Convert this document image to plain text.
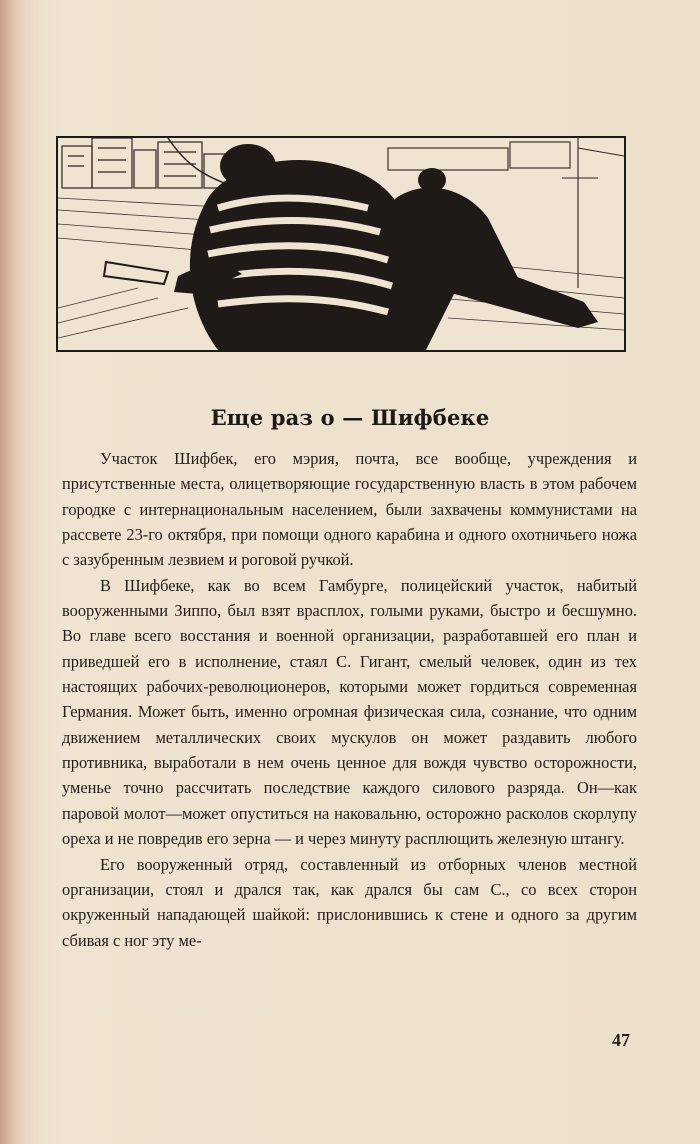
Еще раз о — Шифбеке

Участок Шифбек, его мэрия, почта, все вообще, учреждения и присутственные места, олицетворяющие государственную власть в этом рабочем городке с интернациональным населением, были захвачены коммунистами на рассвете 23-го октября, при помощи одного карабина и одного охотничьего ножа с зазубренным лезвием и роговой ручкой.

В Шифбеке, как во всем Гамбурге, полицейский участок, набитый вооруженными Зиппо, был взят врасплох, голыми руками, быстро и бесшумно. Во главе всего восстания и военной организации, разработавшей его план и приведшей его в исполнение, стаял С. Гигант, смелый человек, один из тех настоящих рабочих-революционеров, которыми может гордиться современная Германия. Может быть, именно огромная физическая сила, сознание, что одним движением металлических своих мускулов он может раздавить любого противника, выработали в нем очень ценное для вождя чувство осторожности, уменье точно рассчитать последствие каждого силового разряда. Он—как паровой молот—может опуститься на наковальню, осторожно расколов скорлупу ореха и не повредив его зерна — и через минуту расплющить железную штангу.

Его вооруженный отряд, составленный из отборных членов местной организации, стоял и дрался так, как дрался бы сам С., со всех сторон окруженный нападающей шайкой: прислонившись к стене и одного за другим сбивая с ног эту ме-

47
